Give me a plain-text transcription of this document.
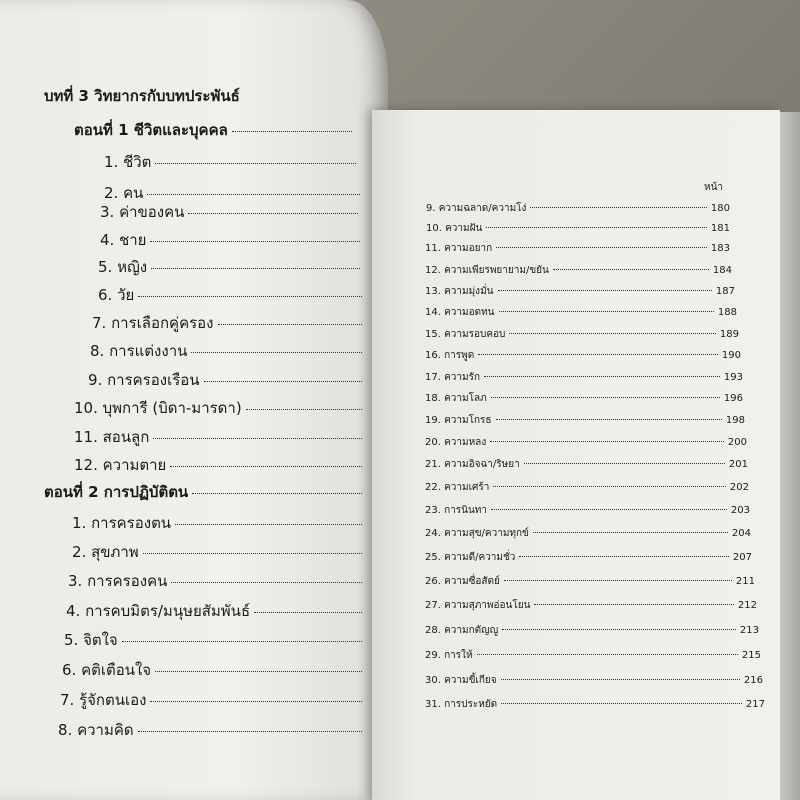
บทที่ 3 วิทยากรกับบทประพันธ์
ตอนที่ 1 ชีวิตและบุคคล
1. ชีวิต
2. คน
3. ค่าของคน
4. ชาย
5. หญิง
6. วัย
7. การเลือกคู่ครอง
8. การแต่งงาน
9. การครองเรือน
10. บุพการี (บิดา-มารดา)
11. สอนลูก
12. ความตาย
ตอนที่ 2 การปฏิบัติตน
1. การครองตน
2. สุขภาพ
3. การครองคน
4. การคบมิตร/มนุษยสัมพันธ์
5. จิตใจ
6. คติเตือนใจ
7. รู้จักตนเอง
8. ความคิด
หน้า
9. ความฉลาด/ความโง่	180
10. ความฝัน	181
11. ความอยาก	183
12. ความเพียรพยายาม/ขยัน	184
13. ความมุ่งมั่น	187
14. ความอดทน	188
15. ความรอบคอบ	189
16. การพูด	190
17. ความรัก	193
18. ความโลภ	196
19. ความโกรธ	198
20. ความหลง	200
21. ความอิจฉา/ริษยา	201
22. ความเศร้า	202
23. การนินทา	203
24. ความสุข/ความทุกข์	204
25. ความดี/ความชั่ว	207
26. ความซื่อสัตย์	211
27. ความสุภาพอ่อนโยน	212
28. ความกตัญญู	213
29. การให้	215
30. ความขี้เกียจ	216
31. การประหยัด	217
